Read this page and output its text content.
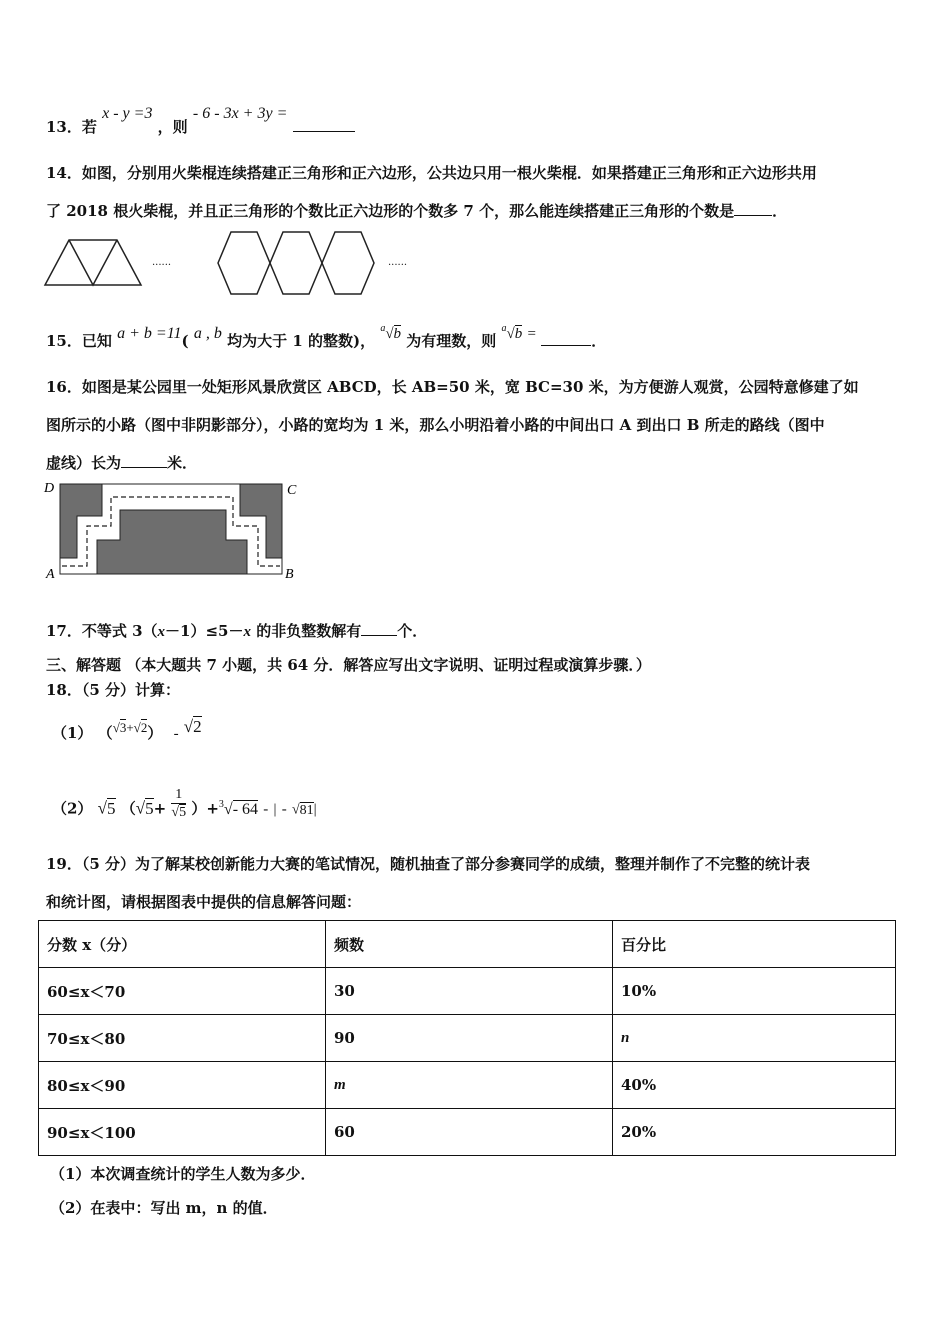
13．若 x - y =3 ，则 - 6 - 3x + 3y =
14．如图，分别用火柴棍连续搭建正三角形和正六边形，公共边只用一根火柴棍．如果搭建正三角形和正六边形共用
了 2018 根火柴棍，并且正三角形的个数比正六边形的个数多 7 个，那么能连续搭建正三角形的个数是	．
......	......
15．已知 a + b =11( a , b 均为大于 1 的整数)， $^a$√b 为有理数，则 $^a$√b =	．
16．如图是某公园里一处矩形风景欣赏区 ABCD，长 AB=50 米，宽 BC=30 米，为方便游人观赏，公园特意修建了如
图所示的小路（图中非阴影部分），小路的宽均为 1 米，那么小明沿着小路的中间出口 A 到出口 B 所走的路线（图中
虚线）长为	米．
D	C
A	B
17．不等式 3（x－1）≤5－x 的非负整数解有 个．
三、解答题 （本大题共 7 小题，共 64 分．解答应写出文字说明、证明过程或演算步骤．）
18．（5 分）计算：
（1） （√3+√2） - √2
（2） √5 $(√5+ \frac{1}{√5} )+^3√-$ 64 - | - √81|
19．（5 分）为了解某校创新能力大赛的笔试情况，随机抽查了部分参赛同学的成绩，整理并制作了不完整的统计表
和统计图，请根据图表中提供的信息解答问题：
分数 x（分）	频数	百分比
60≤x＜70	30	10%
70≤x＜80	90	n
80≤x＜90	m	40%
90≤x＜100	60	20%
（1）本次调查统计的学生人数为多少．
（2）在表中：写出 m，n 的值．
